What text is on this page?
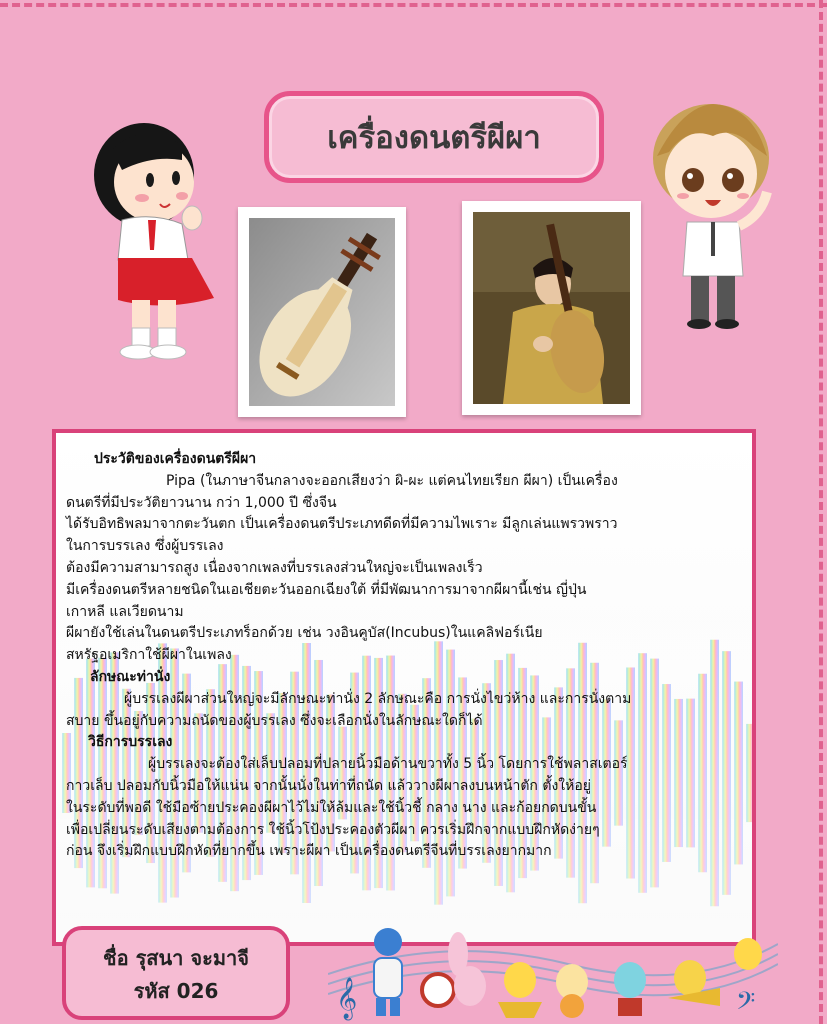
เครื่องดนตรีผีผา

ประวัติของเครื่องดนตรีผีผา

Pipa (ในภาษาจีนกลางจะออกเสียงว่า ผิ-ผะ แต่คนไทยเรียก ผีผา) เป็นเครื่อง

ดนตรีที่มีประวัติยาวนาน กว่า 1,000 ปี ซึ่งจีน

ได้รับอิทธิพลมาจากตะวันตก เป็นเครื่องดนตรีประเภทดีดที่มีความไพเราะ มีลูกเล่นแพรวพราว

ในการบรรเลง ซึ่งผู้บรรเลง

ต้องมีความสามารถสูง เนื่องจากเพลงที่บรรเลงส่วนใหญ่จะเป็นเพลงเร็ว

มีเครื่องดนตรีหลายชนิดในเอเชียตะวันออกเฉียงใต้ ที่มีพัฒนาการมาจากผีผานี้เช่น ญี่ปุ่น

เกาหลี แลเวียดนาม

ผีผายังใช้เล่นในดนตรีประเภทร็อกด้วย เช่น วงอินคูบัส(Incubus)ในแคลิฟอร์เนีย

สหรัฐอเมริกาใช้ผีผาในเพลง

ลักษณะท่านั่ง

ผู้บรรเลงผีผาส่วนใหญ่จะมีลักษณะท่านั่ง 2 ลักษณะคือ การนั่งไขว่ห้าง และการนั่งตาม

สบาย ขึ้นอยู่กับความถนัดของผู้บรรเลง ซึ่งจะเลือกนั่งในลักษณะใดก็ได้

วิธีการบรรเลง

ผู้บรรเลงจะต้องใส่เล็บปลอมที่ปลายนิ้วมือด้านขวาทั้ง 5 นิ้ว โดยการใช้พลาสเตอร์

กาวเล็บ ปลอมกับนิ้วมือให้แน่น จากนั้นนั่งในท่าที่ถนัด แล้ววางผีผาลงบนหน้าตัก ตั้งให้อยู่

ในระดับที่พอดี ใช้มือซ้ายประคองผีผาไว้ไม่ให้ล้มและใช้นิ้วชี้ กลาง นาง และก้อยกดบนขั้น

เพื่อเปลี่ยนระดับเสียงตามต้องการ ใช้นิ้วโป้งประคองตัวผีผา ควรเริ่มฝึกจากแบบฝึกหัดง่ายๆ

ก่อน จึงเริ่มฝึกแบบฝึกหัดที่ยากขึ้น เพราะผีผา เป็นเครื่องดนตรีจีนที่บรรเลงยากมาก

ชื่อ รุสนา จะมาจี
รหัส 026	𝄞	𝄢
